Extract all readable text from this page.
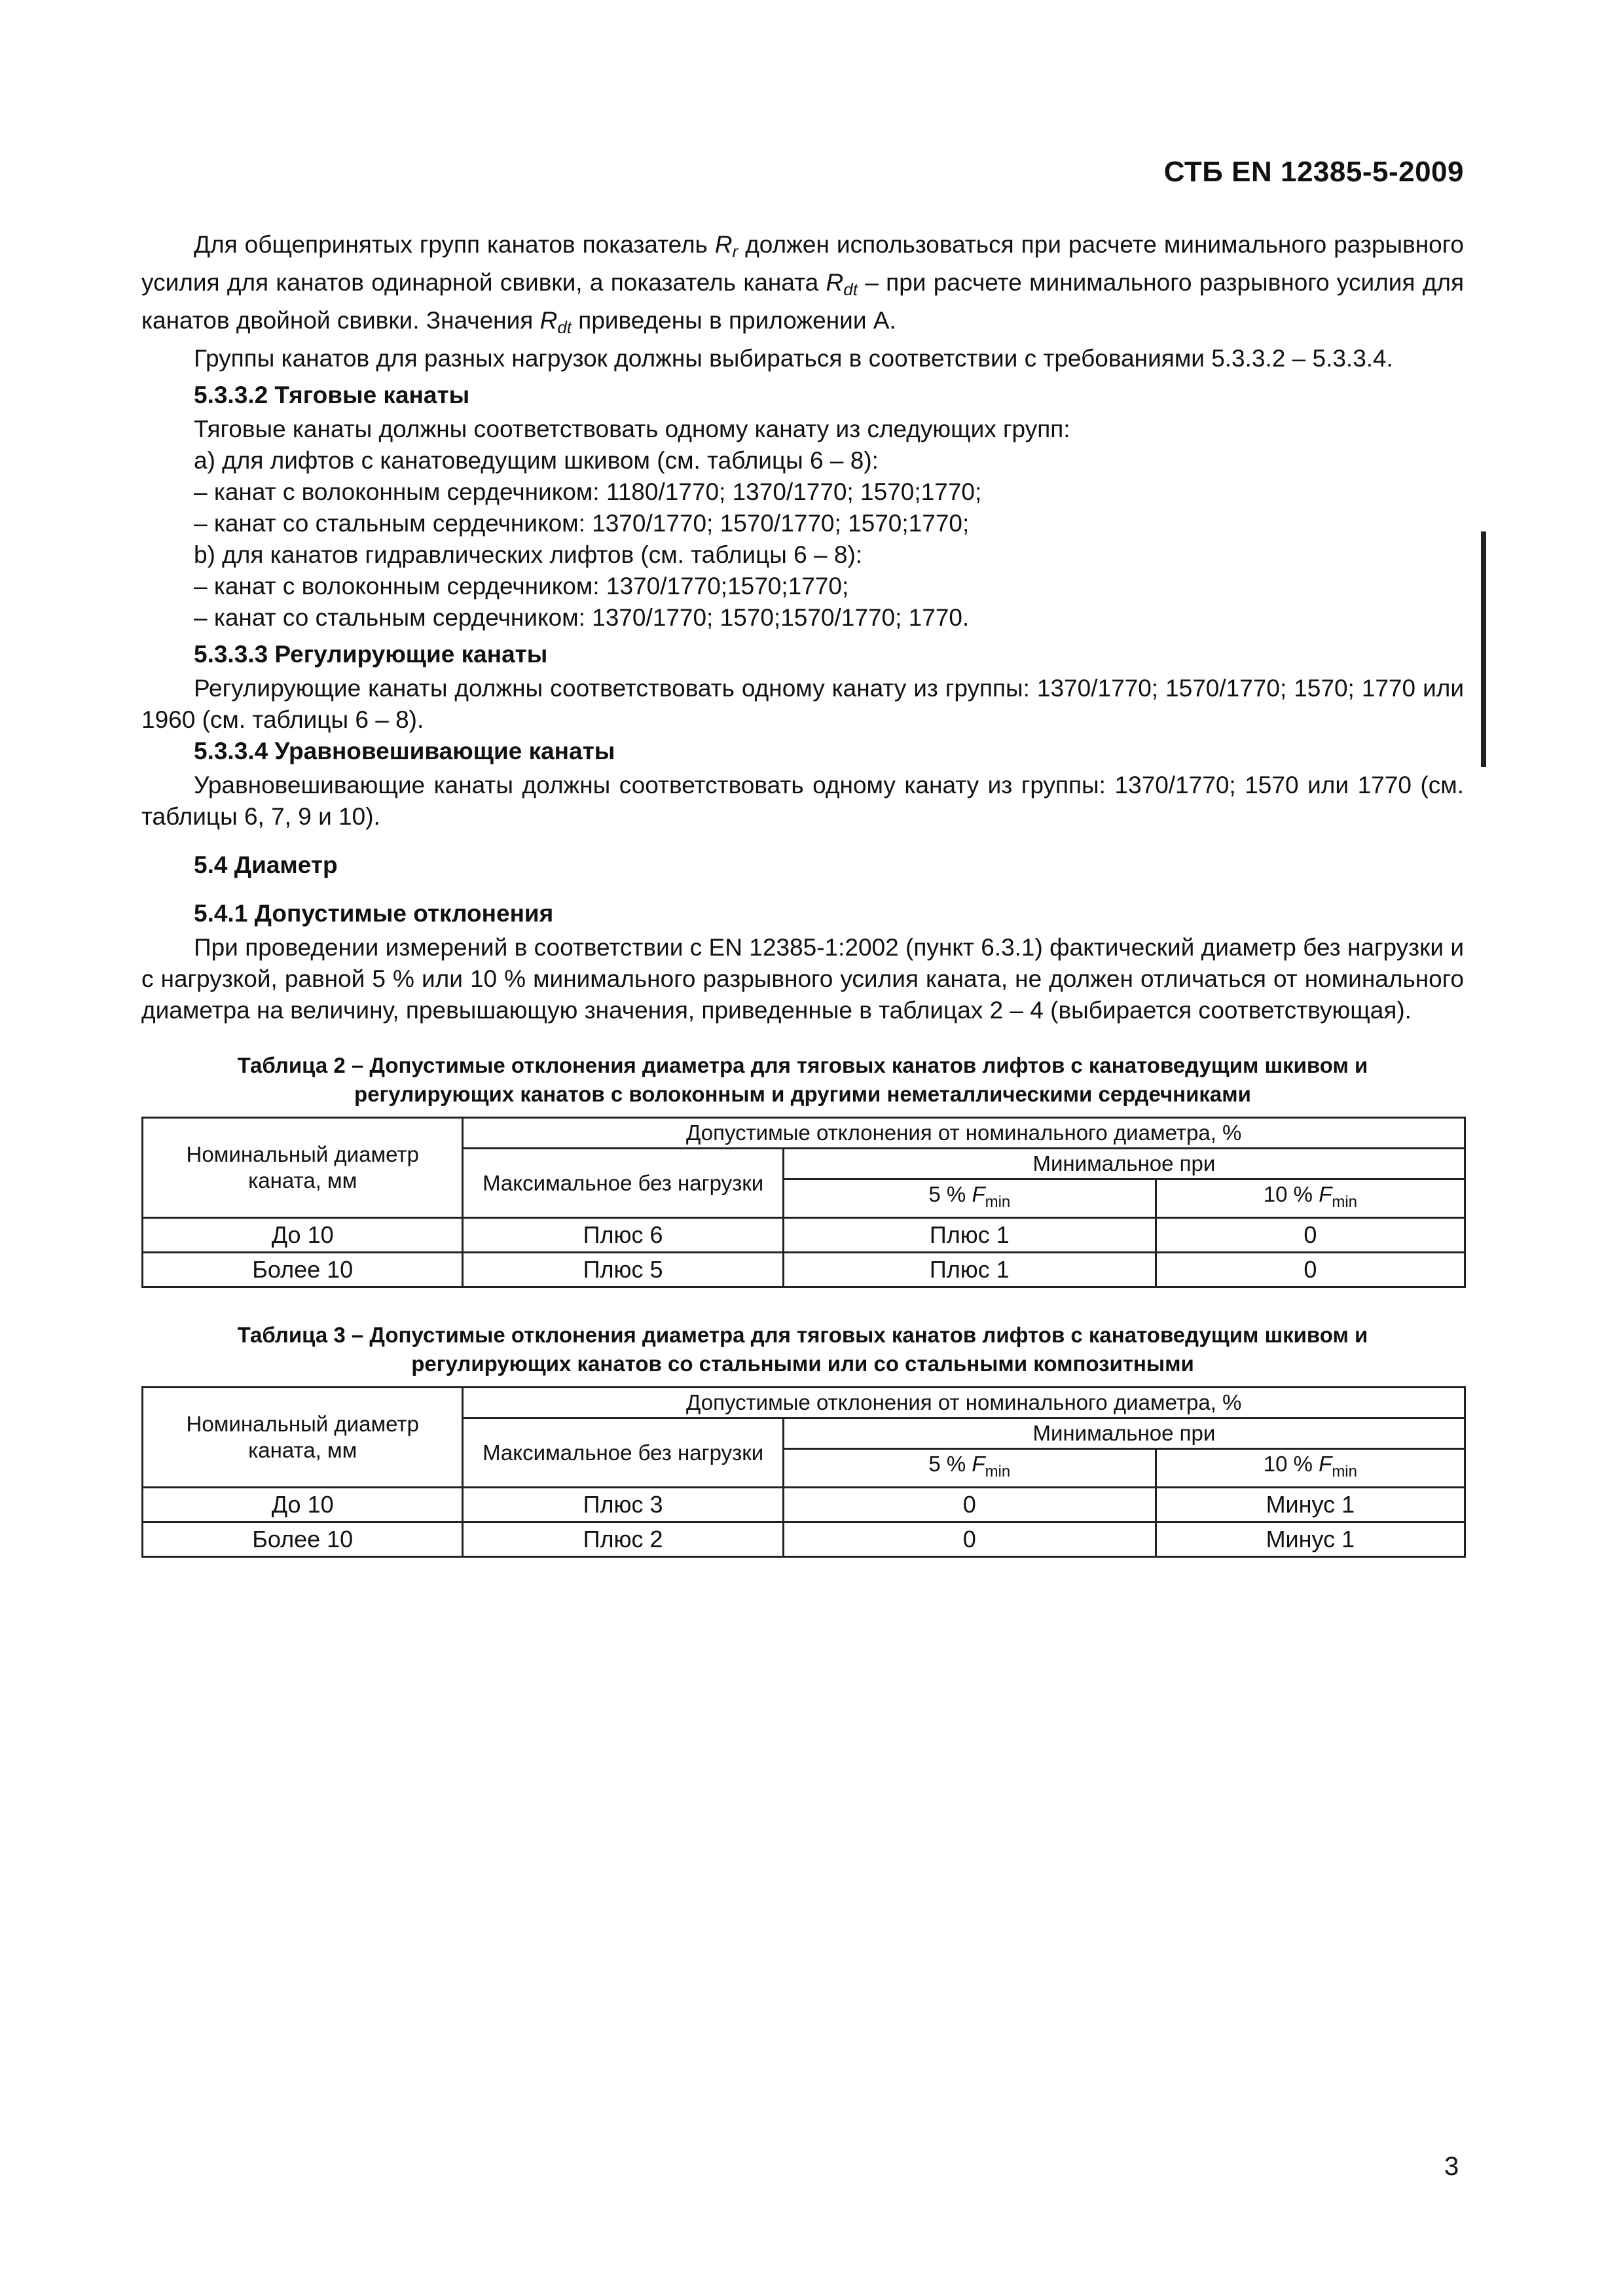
СТБ EN 12385-5-2009

Для общепринятых групп канатов показатель $R_r$ должен использоваться при расчете минимального разрывного усилия для канатов одинарной свивки, а показатель каната $R_{dt}$ – при расчете минимального разрывного усилия для канатов двойной свивки. Значения $R_{dt}$ приведены в приложении А.

Группы канатов для разных нагрузок должны выбираться в соответствии с требованиями 5.3.3.2 – 5.3.3.4.

5.3.3.2 Тяговые канаты

Тяговые канаты должны соответствовать одному канату из следующих групп:

a) для лифтов с канатоведущим шкивом (см. таблицы 6 – 8):

– канат с волоконным сердечником: 1180/1770; 1370/1770; 1570;1770;

– канат со стальным сердечником: 1370/1770; 1570/1770; 1570;1770;

b) для канатов гидравлических лифтов (см. таблицы 6 – 8):

– канат с волоконным сердечником: 1370/1770;1570;1770;

– канат со стальным сердечником: 1370/1770; 1570;1570/1770; 1770.

5.3.3.3 Регулирующие канаты

Регулирующие канаты должны соответствовать одному канату из группы: 1370/1770; 1570/1770; 1570; 1770 или 1960 (см. таблицы 6 – 8).

5.3.3.4 Уравновешивающие канаты

Уравновешивающие канаты должны соответствовать одному канату из группы: 1370/1770; 1570 или 1770 (см. таблицы 6, 7, 9 и 10).

5.4 Диаметр

5.4.1 Допустимые отклонения

При проведении измерений в соответствии с EN 12385-1:2002 (пункт 6.3.1) фактический диаметр без нагрузки и с нагрузкой, равной 5 % или 10 % минимального разрывного усилия каната, не должен отличаться от номинального диаметра на величину, превышающую значения, приведенные в таблицах 2 – 4 (выбирается соответствующая).

Таблица 2 – Допустимые отклонения диаметра для тяговых канатов лифтов с канатоведущим шкивом и
регулирующих канатов с волоконным и другими неметаллическими сердечниками
Номинальный диаметр каната, мм	Допустимые отклонения от номинального диаметра, %		
	Максимальное без нагрузки	Минимальное при	
		5 % $F_{min}$	10 % $F_{min}$
До 10	Плюс 6	Плюс 1	0
Более 10	Плюс 5	Плюс 1	0
Таблица 3 – Допустимые отклонения диаметра для тяговых канатов лифтов с канатоведущим шкивом и
регулирующих канатов со стальными или со стальными композитными
Номинальный диаметр каната, мм	Допустимые отклонения от номинального диаметра, %		
	Максимальное без нагрузки	Минимальное при	
		5 % $F_{min}$	10 % $F_{min}$
До 10	Плюс 3	0	Минус 1
Более 10	Плюс 2	0	Минус 1
3
